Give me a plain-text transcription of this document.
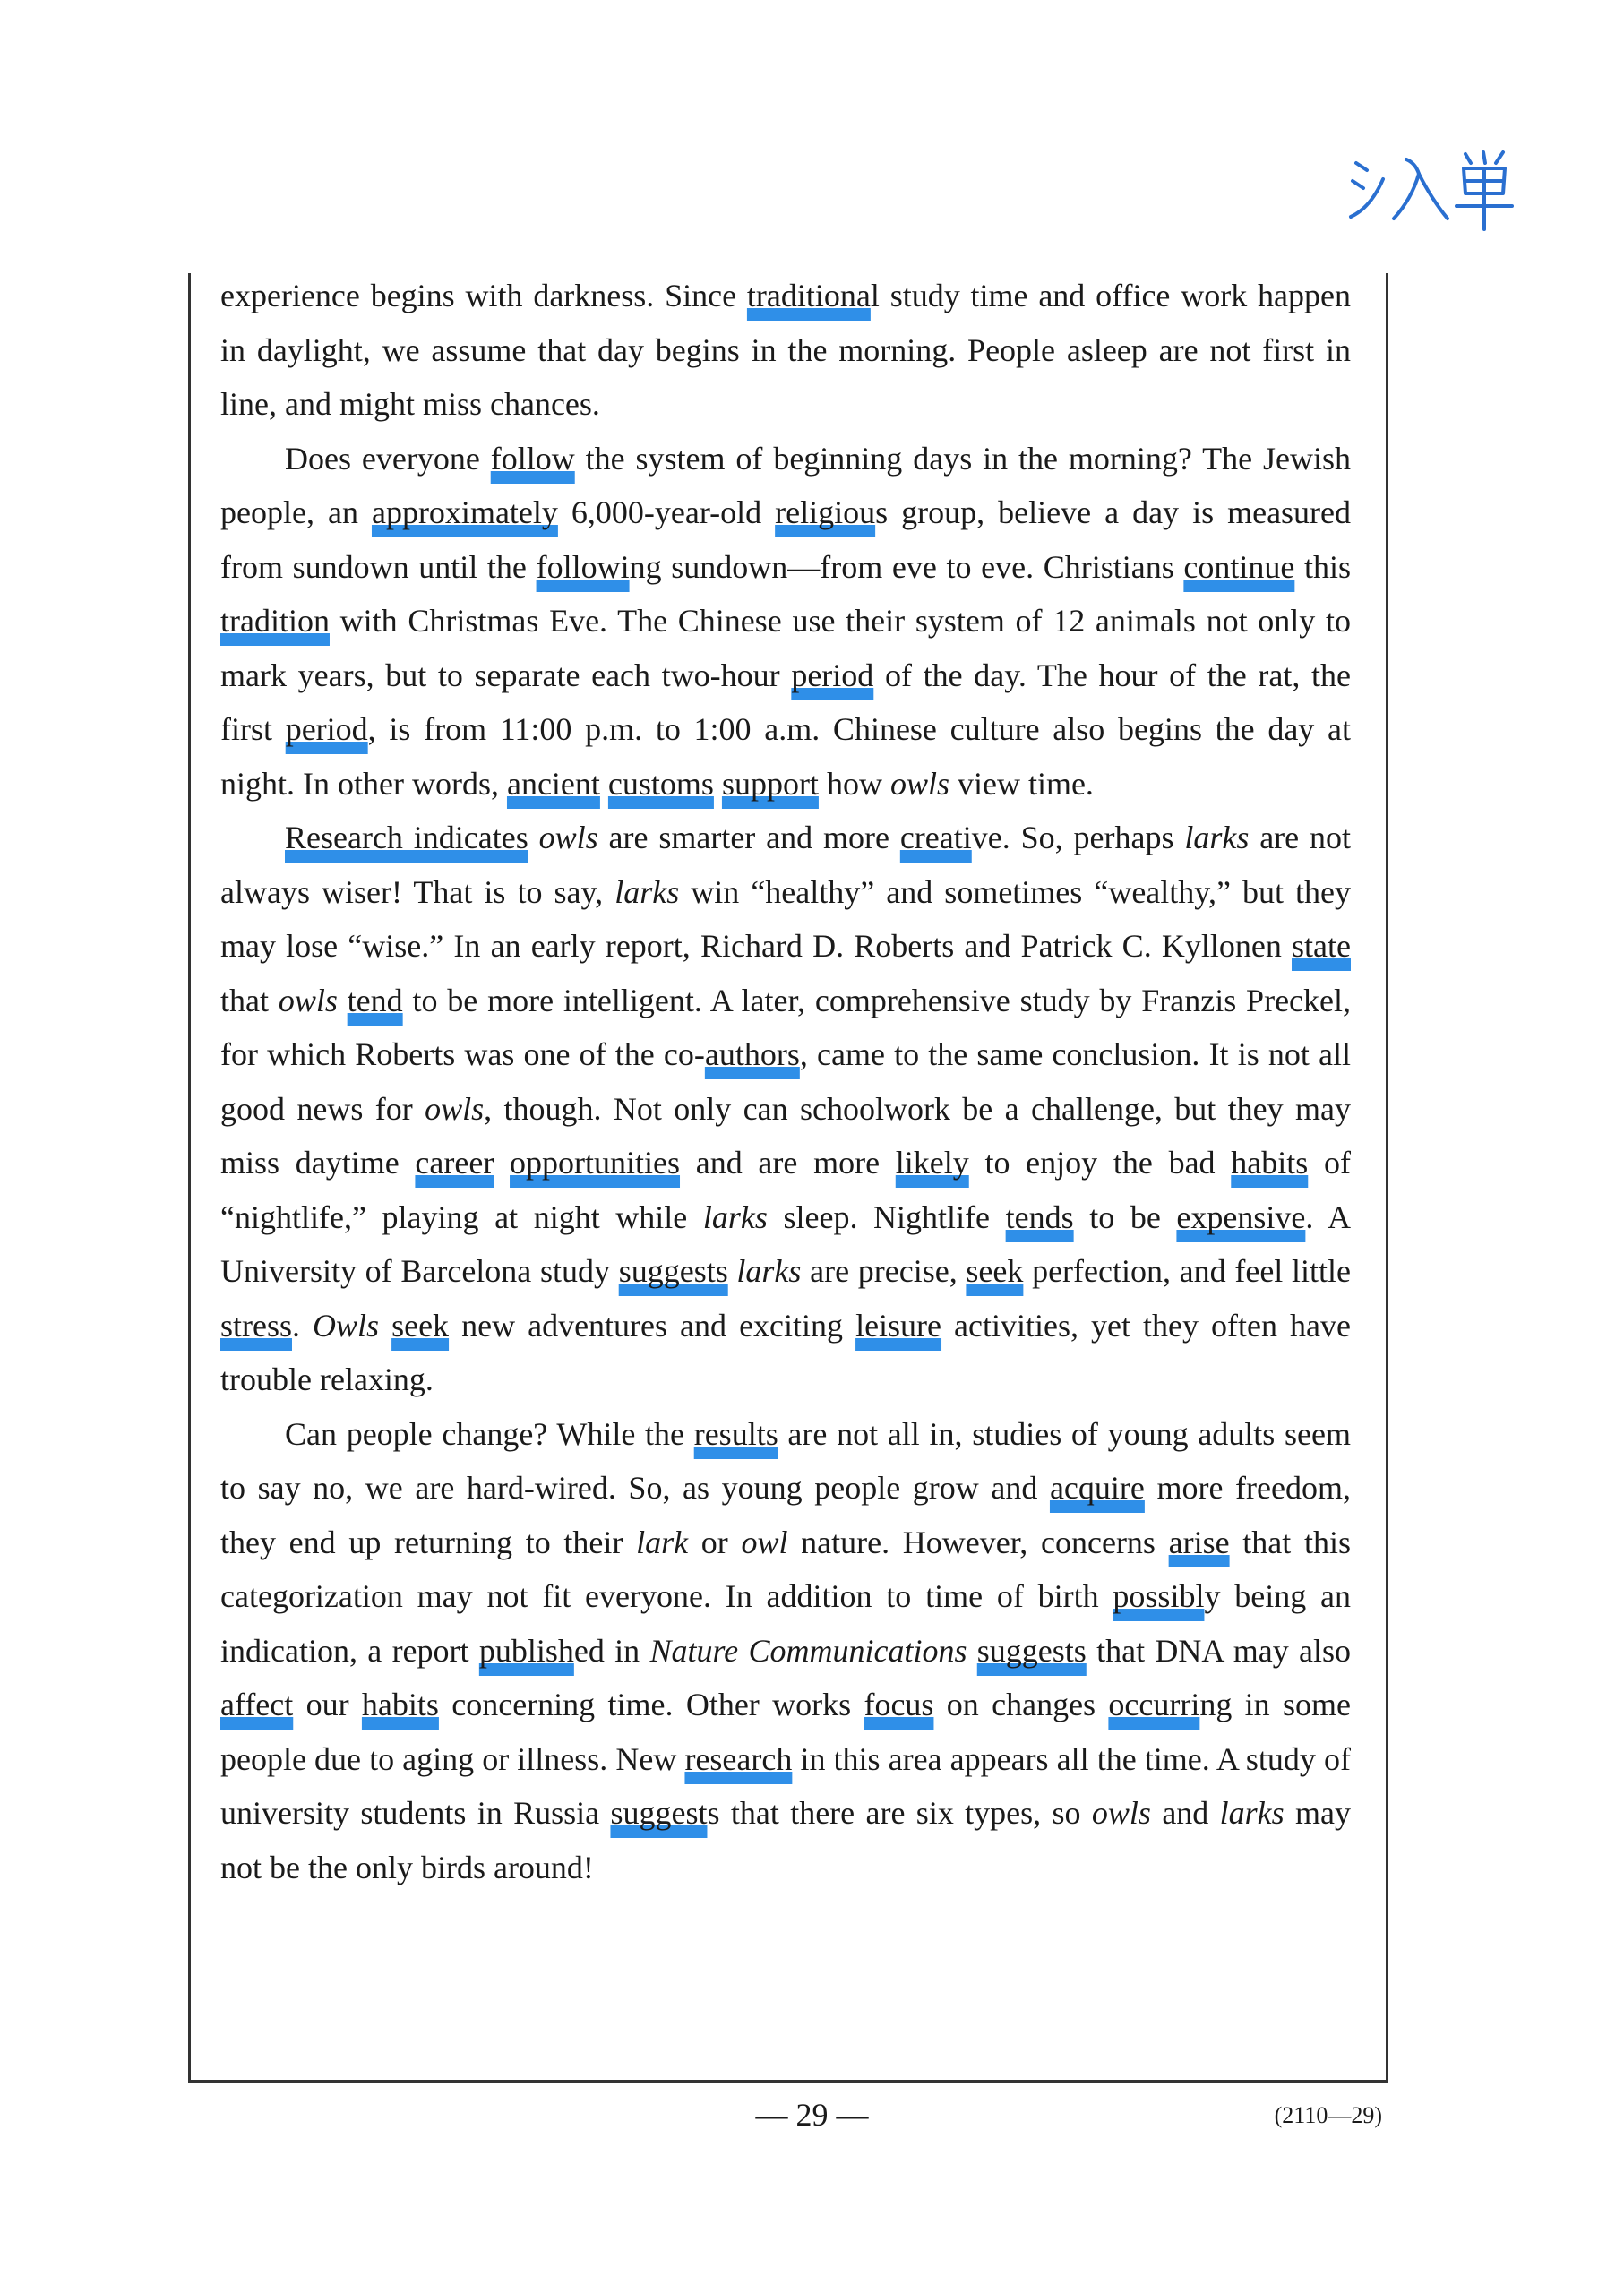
experience begins with darkness. Since traditional study time and office work happen in daylight, we assume that day begins in the morning. People asleep are not first in line, and might miss chances.

Does everyone follow the system of beginning days in the morning? The Jewish people, an approximately 6,000-year-old religious group, believe a day is measured from sundown until the following sundown—from eve to eve. Christians continue this tradition with Christmas Eve. The Chinese use their system of 12 animals not only to mark years, but to separate each two-hour period of the day. The hour of the rat, the first period, is from 11:00 p.m. to 1:00 a.m. Chinese culture also begins the day at night. In other words, ancient customs support how owls view time.

Research indicates owls are smarter and more creative. So, perhaps larks are not always wiser! That is to say, larks win “healthy” and sometimes “wealthy,” but they may lose “wise.” In an early report, Richard D. Roberts and Patrick C. Kyllonen state that owls tend to be more intelligent. A later, comprehensive study by Franzis Preckel, for which Roberts was one of the co-authors, came to the same conclusion. It is not all good news for owls, though. Not only can schoolwork be a challenge, but they may miss daytime career opportunities and are more likely to enjoy the bad habits of “nightlife,” playing at night while larks sleep. Nightlife tends to be expensive. A University of Barcelona study suggests larks are precise, seek perfection, and feel little stress. Owls seek new adventures and exciting leisure activities, yet they often have trouble relaxing.

Can people change? While the results are not all in, studies of young adults seem to say no, we are hard-wired. So, as young people grow and acquire more freedom, they end up returning to their lark or owl nature. However, concerns arise that this categorization may not fit everyone. In addition to time of birth possibly being an indication, a report published in Nature Communications suggests that DNA may also affect our habits concerning time. Other works focus on changes occurring in some people due to aging or illness. New research in this area appears all the time. A study of university students in Russia suggests that there are six types, so owls and larks may not be the only birds around!

— 29 —	(2110—29)
